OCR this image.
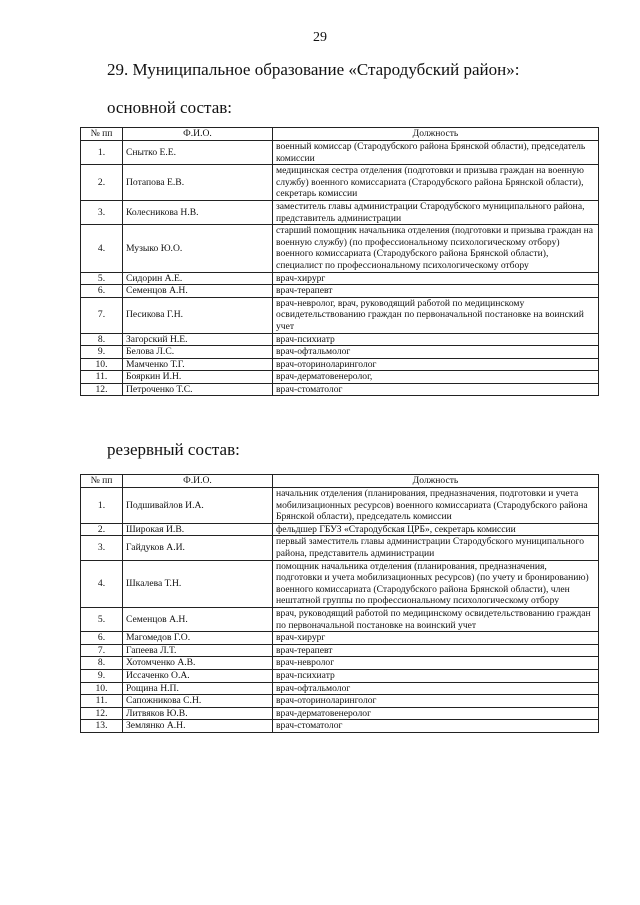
29
29. Муниципальное образование «Стародубский район»:
основной состав:
№ пп	Ф.И.О.	Должность
1.	Снытко Е.Е.	военный комиссар (Стародубского района Брянской области), председатель комиссии
2.	Потапова Е.В.	медицинская сестра отделения (подготовки и призыва граждан на военную службу) военного комиссариата (Стародубского района Брянской области), секретарь комиссии
3.	Колесникова Н.В.	заместитель главы администрации Стародубского муниципального района, представитель администрации
4.	Музыко Ю.О.	старший помощник начальника отделения (подготовки и призыва граждан на военную службу) (по профессиональному психологическому отбору) военного комиссариата (Стародубского района Брянской области), специалист по профессиональному психологическому отбору
5.	Сидорин А.Е.	врач-хирург
6.	Семенцов А.Н.	врач-терапевт
7.	Песикова Г.Н.	врач-невролог, врач, руководящий работой по медицинскому освидетельствованию граждан по первоначальной постановке на воинский учет
8.	Загорский Н.Е.	врач-психиатр
9.	Белова Л.С.	врач-офтальмолог
10.	Мамченко Т.Г.	врач-оториноларинголог
11.	Бояркин И.Н.	врач-дерматовенеролог,
12.	Петроченко Т.С.	врач-стоматолог
резервный состав:
№ пп	Ф.И.О.	Должность
1.	Подшивайлов И.А.	начальник отделения (планирования, предназначения, подготовки и учета мобилизационных ресурсов) военного комиссариата (Стародубского района Брянской области), председатель комиссии
2.	Широкая И.В.	фельдшер ГБУЗ «Стародубская ЦРБ», секретарь комиссии
3.	Гайдуков А.И.	первый заместитель главы администрации Стародубского муниципального района, представитель администрации
4.	Шкалева Т.Н.	помощник начальника отделения (планирования, предназначения, подготовки и учета мобилизационных ресурсов) (по учету и бронированию) военного комиссариата (Стародубского района Брянской области), член нештатной группы по профессиональному психологическому отбору
5.	Семенцов А.Н.	врач, руководящий работой по медицинскому освидетельствованию граждан по первоначальной постановке на воинский учет
6.	Магомедов Г.О.	врач-хирург
7.	Гапеева Л.Т.	врач-терапевт
8.	Хотомченко А.В.	врач-невролог
9.	Иссаченко О.А.	врач-психиатр
10.	Рощина Н.П.	врач-офтальмолог
11.	Сапожникова С.Н.	врач-оториноларинголог
12.	Литвяков Ю.В.	врач-дерматовенеролог
13.	Землянко А.Н.	врач-стоматолог
